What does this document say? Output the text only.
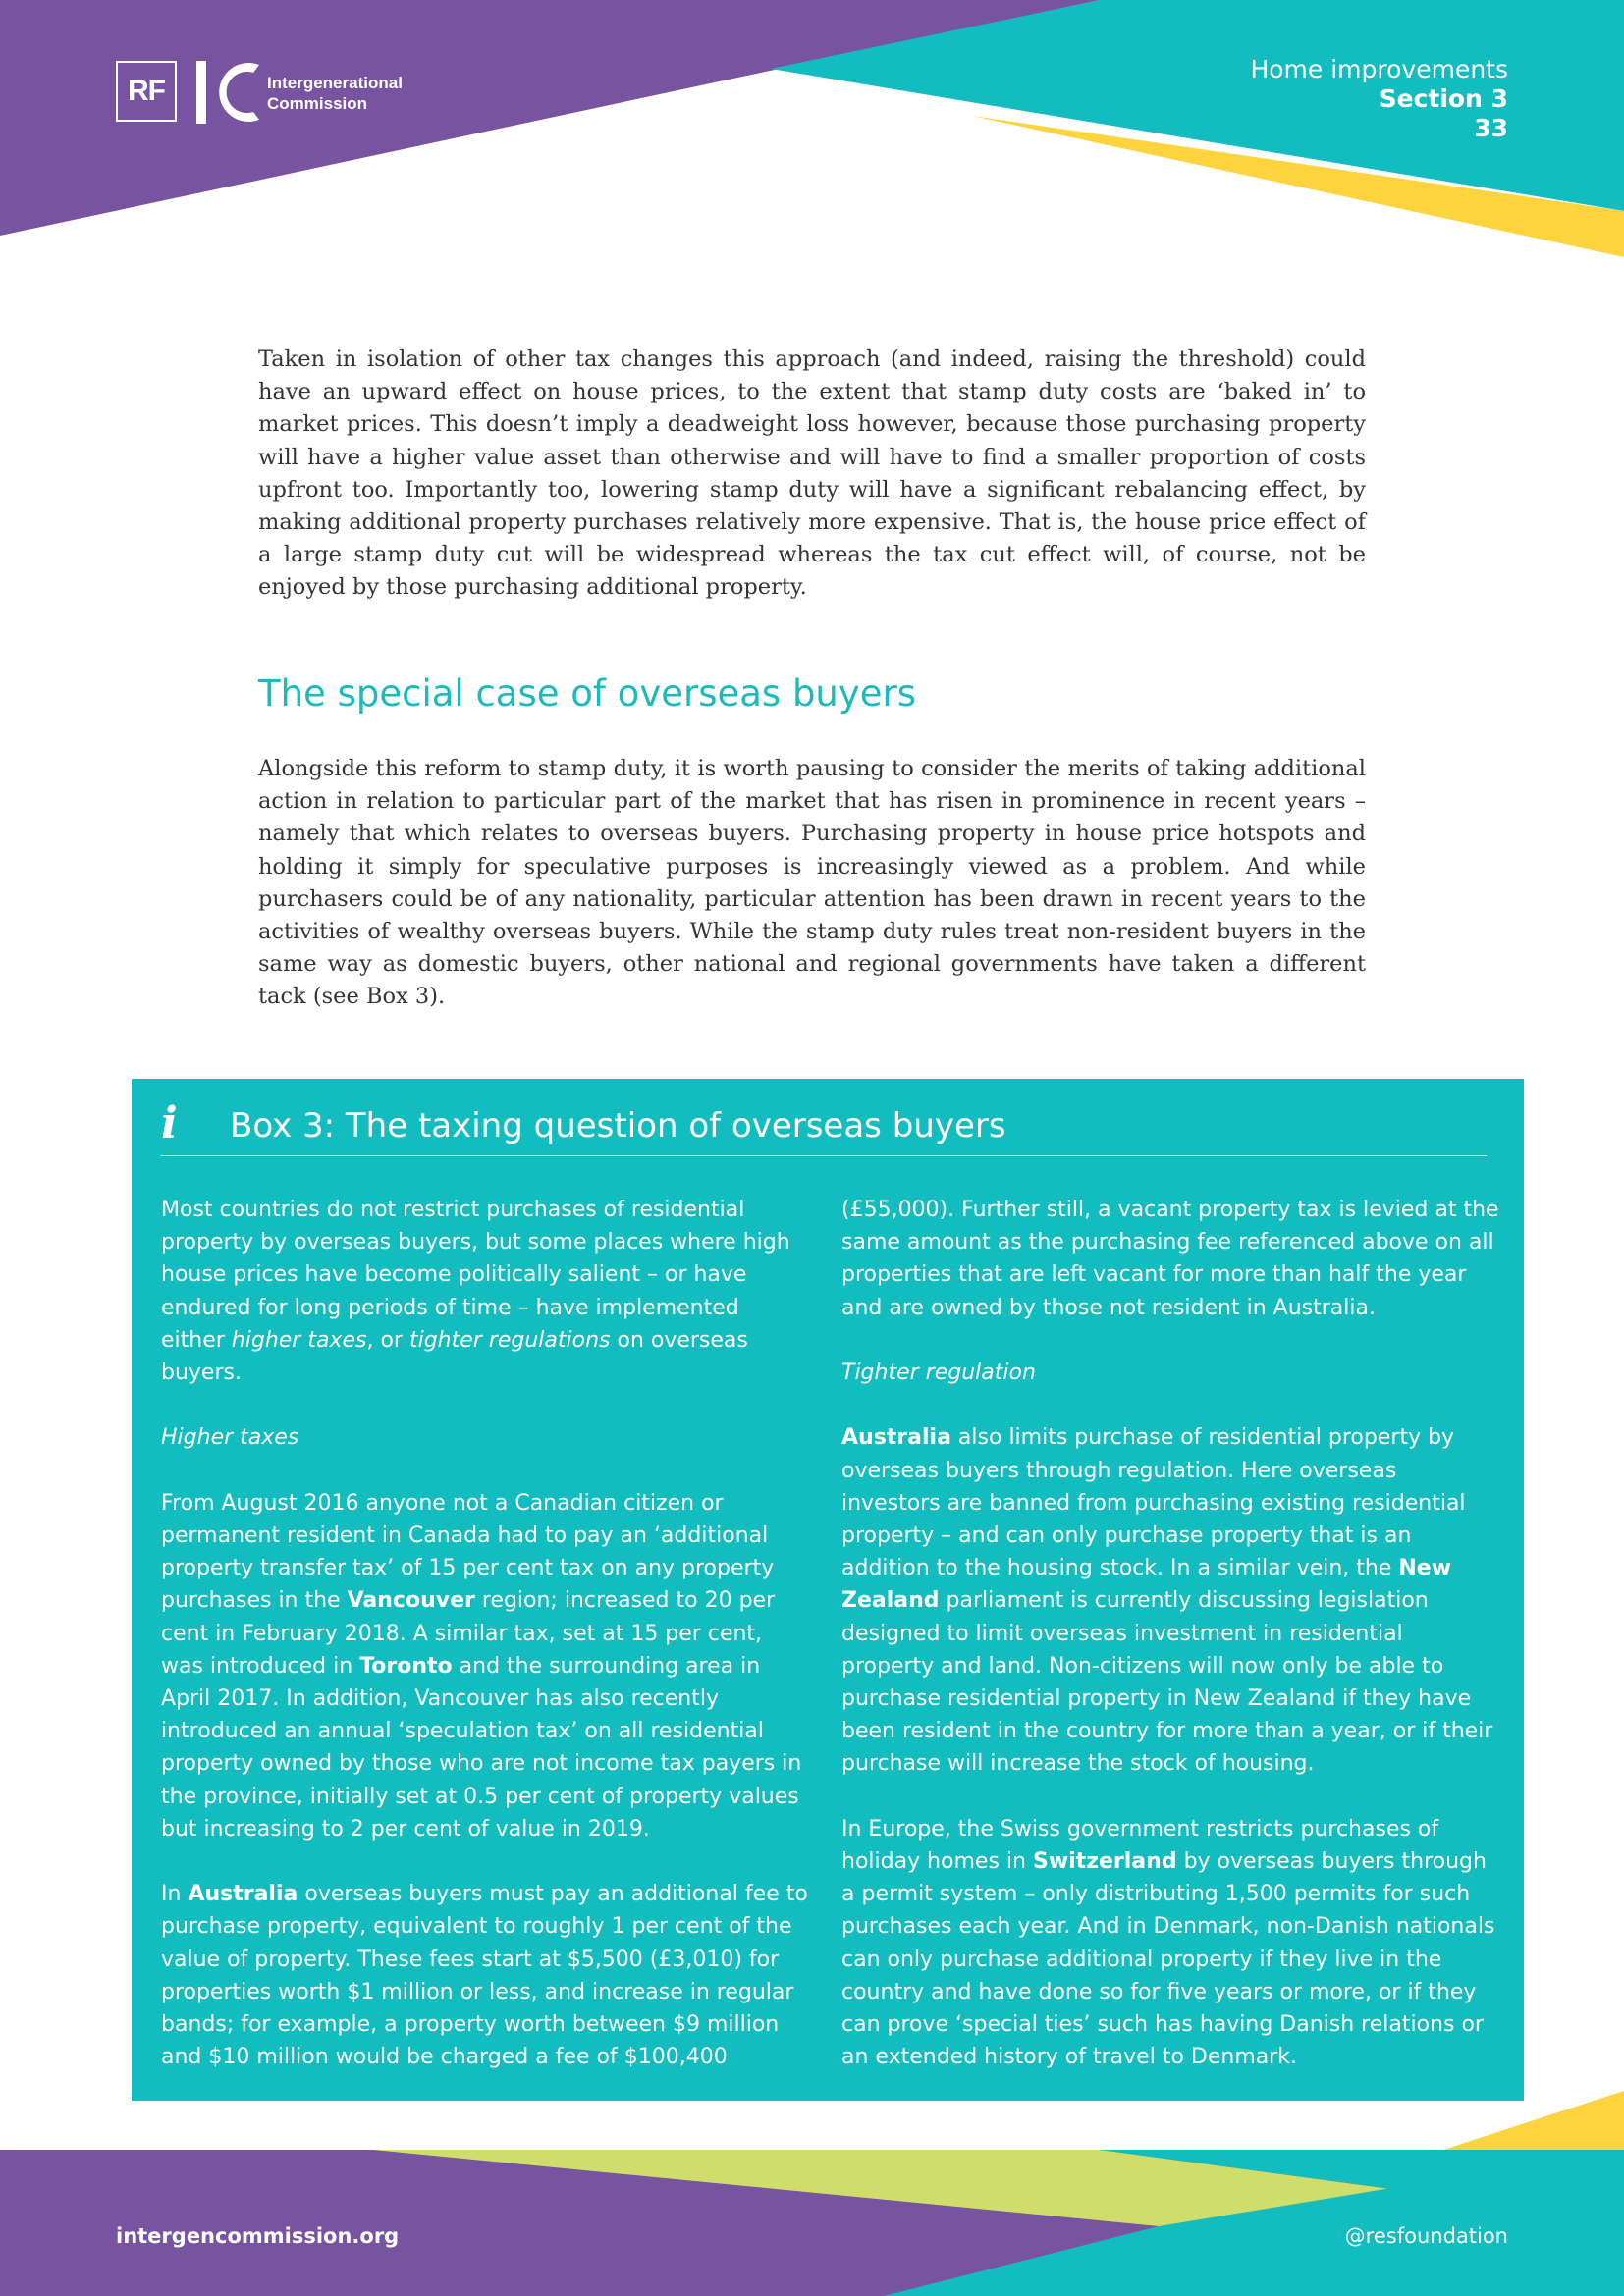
RF	Intergenerational
Commission
Home improvements
Section 3
33

Taken in isolation of other tax changes this approach (and indeed, raising the threshold) could have an upward effect on house prices, to the extent that stamp duty costs are ‘baked in’ to market prices. This doesn’t imply a deadweight loss however, because those purchasing property will have a higher value asset than otherwise and will have to find a smaller proportion of costs upfront too. Importantly too, lowering stamp duty will have a significant rebalancing effect, by making additional property purchases relatively more expensive. That is, the house price effect of a large stamp duty cut will be widespread whereas the tax cut effect will, of course, not be enjoyed by those purchasing additional property.

The special case of overseas buyers

Alongside this reform to stamp duty, it is worth pausing to consider the merits of taking additional action in relation to particular part of the market that has risen in prominence in recent years – namely that which relates to overseas buyers. Purchasing property in house price hotspots and holding it simply for speculative purposes is increasingly viewed as a problem. And while purchasers could be of any nationality, particular attention has been drawn in recent years to the activities of wealthy overseas buyers. While the stamp duty rules treat non-resident buyers in the same way as domestic buyers, other national and regional governments have taken a different tack (see Box 3).

i Box 3: The taxing question of overseas buyers

Most countries do not restrict purchases of residential property by overseas buyers, but some places where high house prices have become politically salient – or have endured for long periods of time – have implemented either higher taxes, or tighter regulations on overseas buyers.

Higher taxes

From August 2016 anyone not a Canadian citizen or permanent resident in Canada had to pay an ‘additional property transfer tax’ of 15 per cent tax on any property purchases in the Vancouver region; increased to 20 per cent in February 2018. A similar tax, set at 15 per cent, was introduced in Toronto and the surrounding area in April 2017. In addition, Vancouver has also recently introduced an annual ‘speculation tax’ on all residential property owned by those who are not income tax payers in the province, initially set at 0.5 per cent of property values but increasing to 2 per cent of value in 2019.

In Australia overseas buyers must pay an additional fee to purchase property, equivalent to roughly 1 per cent of the value of property. These fees start at $5,500 (£3,010) for properties worth $1 million or less, and increase in regular bands; for example, a property worth between $9 million and $10 million would be charged a fee of $100,400

(£55,000). Further still, a vacant property tax is levied at the same amount as the purchasing fee referenced above on all properties that are left vacant for more than half the year and are owned by those not resident in Australia.

Tighter regulation

Australia also limits purchase of residential property by overseas buyers through regulation. Here overseas investors are banned from purchasing existing residential property – and can only purchase property that is an addition to the housing stock. In a similar vein, the New Zealand parliament is currently discussing legislation designed to limit overseas investment in residential property and land. Non-citizens will now only be able to purchase residential property in New Zealand if they have been resident in the country for more than a year, or if their purchase will increase the stock of housing.

In Europe, the Swiss government restricts purchases of holiday homes in Switzerland by overseas buyers through a permit system – only distributing 1,500 permits for such purchases each year. And in Denmark, non-Danish nationals can only purchase additional property if they live in the country and have done so for five years or more, or if they can prove ‘special ties’ such has having Danish relations or an extended history of travel to Denmark.

intergencommission.org	@resfoundation
